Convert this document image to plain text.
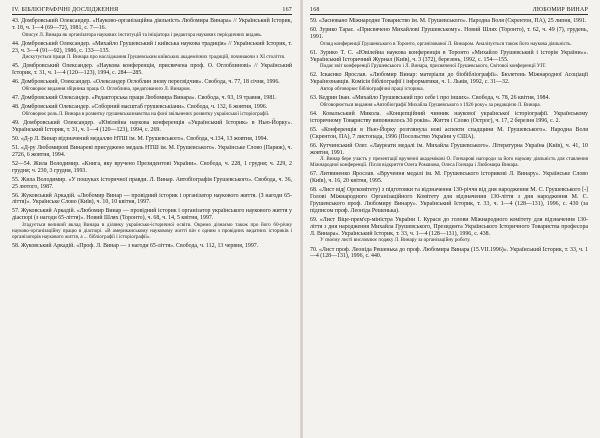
IV. БІБЛІОГРАФІЧНІ ДОСЛІДЖЕННЯ	167

43. Домбровський Олександер. «Науково-організаційна діяльність Любомира Винара» // Український Історик, т. 18, ч. 1—4 (69—72), 1981, с. 7—16.

Описує Л. Винара як організатора наукових інституцій та ініціатора і редактора наукових періодичних видань.

44. Домбровський Олександер. «Михайло Грушевський і київська наукова традиція» // Український Історик, т. 23, ч. 3—4 (91—92), 1986, с. 133—135.

Дискутується праця Л. Винара про насліджання Грушевським київських академічних традицій, починаючи з XI століття.

45. Домбровський Олександер. «Наукова конференція, присвячена проф. О. Оглоблинові» // Український Історик, т. 31, ч. 1—4 (120—123), 1994, с. 284—285.

46. Домбровський, Олександер. «Олександер Оглоблин знову пересвідчив». Свобода, ч. 77, 18 січня, 1996.

Обговорює видання збірника праць О. Оглоблина, зредагованого Л. Винаром.

47. Домбровський Олександер. «Редакторська праця Любомира Винара». Свобода, ч. 93, 19 травня, 1981.

48. Домбровський Олександер. «Соборний масштаб грушевськіани». Свобода, ч. 132, 6 жовтня, 1996.

Обговорює роль Л. Винара в розвитку грушевськознавства на фоні звільнених розвитку української історіографії.

49. Домбровський Олександер. «Ювілейна наукова конференція «Український Історик» в Нью-Йорку». Український Історик, т. 31, ч. 1—4 (120—123), 1994, с. 269.

50. «Д-р Л. Винар відзначений медаллю НТШ ім. М. Грушевського». Свобода, ч.134, 13 жовтня, 1994.

51. «Д-ру Любомирові Винареві присуджено медаль НТШ ім. М. Грушевського». Українське Слово (Париж), ч. 2726, 6 жовтня, 1994.

52—54. Жила Володимир. «Книга, яку вручено Президентові України». Свобода, ч. 228, 1 грудня; ч. 229, 2 грудня; ч. 230, 3 грудня, 1993.

55. Жила Володимир. «У пошуках історичної правди. Л. Винар. Автобіографія Грушевського». Свобода, ч. 36, 25 лютого, 1987.

56. Жуковський Аркадій. «Любомир Винар — провідний історик і організатор наукового життя. (З нагоди 65-ліття)». Українське Слово (Київ), ч. 10, 10 квітня, 1997.

57. Жуковський Аркадій. «Любомир Винар — провідний історик і організатор українського наукового життя у діаспорі (з нагоди 65-ліття)». Новий Шлях (Торонто), ч. 68, ч. 14, 5 квітня, 1997.

Згадується великий вклад Винара в ділянку українсько-історичної освіти. Окремо дізнаємо також про його 60-річну науково-організаційну працю в діаспорі. «В американському науковому житті він є одним з провідних видатних істориків і організаторів наукового життя, а ... бібліографії і історіографії».

58. Жуковський Аркадій. «Проф. Л. Винар — з нагоди 65-ліття». Свобода, ч. 112, 13 червня, 1997.

168	ЛЮБОМИР ВИНАР

59. «Засновано Міжнародне Товариство ім. М. Грушевського». Народна Воля (Скрентон, ПА), 25 липня, 1991.

60. Зурико Тарас. «Присвячено Михайлові Грушевському». Новий Шлях (Торонто), т. 62, ч. 49 (7), грудень, 1991.

Огляд конференції Грушевського в Торонто, організованої Л. Винаром. Аналізується також його наукова діяльність.

61. Зурико Т. С. «Ювілейна наукова конференція в Торонто «Михайло Грушевський і історія України»». Український Історичний Журнал (Київ), ч. 3 (372), березень, 1992, с. 154—155.

Подає звіт конференції Грушевського і Л. Винара, присвяченої Грушевського, Світової конференції УІТ.

62. Іскаєнко Ярослав. «Любомир Винар: матеріали до біобібліографії». Бюлетень Міжнародної Асоціації Українознавців. Комісія бібліографії і інформатики, ч. 1. Львів, 1992, с. 31—32.

Автор обговорює бібліографічні праці історика.

63. Кедрин Іван. «Михайло Грушевський про себе і про інших». Свобода, ч. 78, 26 квітня, 1984.

Обговорюється видання «Автобіографії Михайла Грушевського з 1926 року» за редакцією Л. Винара.

64. Ковальський Микола. «Концепційний чинник наукової української історіографії. Українському історичному Товариству виповнилось 30 років». Життя і Слово (Острог), ч. 17, 2 березня 1996, с. 2.

65. «Конференція в Нью-Йорку розглянула нові аспекти спадщини М. Грушевського». Народна Воля (Скрентон, ПА), 7 листопада, 1996 (Посольство України у США).

66. Кутчинський Олег. «Лауреати медалі ім. Михайла Грушевського». Літературна Україна (Київ), ч. 41, 10 жовтня, 1991.

Л. Винар бере участь у презентації врученні академікові О. Гончарові нагороди за його наукову діяльність для ставлення Міжнародної конференції. Після відкриття Олега Романова, Олеса Гончара і Любомира Винара.

67. Литвиненко Ярослав. «Вручення медалі ім. М. Грушевського історикові Л. Винару». Українське Слово (Київ), ч. 16, 20 квітня, 1995.

68. «Лист від( Оргкомітету) з підготовки та відзначення 130-річчя від дня народження М. С. Грушевського [-] Голові Міжнародного Організаційного Комітету для відзначення 130-ліття з дня народження М. С. Грушевського проф. Любомиру Винару». Український Історик, т. 33, ч. 1—4 (128—131), 1996, с. 430 (за підписом проф. Леоніда Решенька).

69. «Лист Віце-прем'єр-міністра України І. Курася до голови Міжнародного комітету для відзначення 130-ліття з дня народження Михайла Грушевського, Президента Українського Історичного Товариства професора Л. Винара». Український Історик, т. 33, ч. 1—4 (128—131), 1996, с. 438.

У своєму листі висловлює подяку Л. Винару за організаційну роботу.

70. «Лист проф. Леоніда Решенька до проф. Любомира Винара (15.VII.1996)». Український Історик, т. 33, ч. 1—4 (128—131), 1996, с. 440.
